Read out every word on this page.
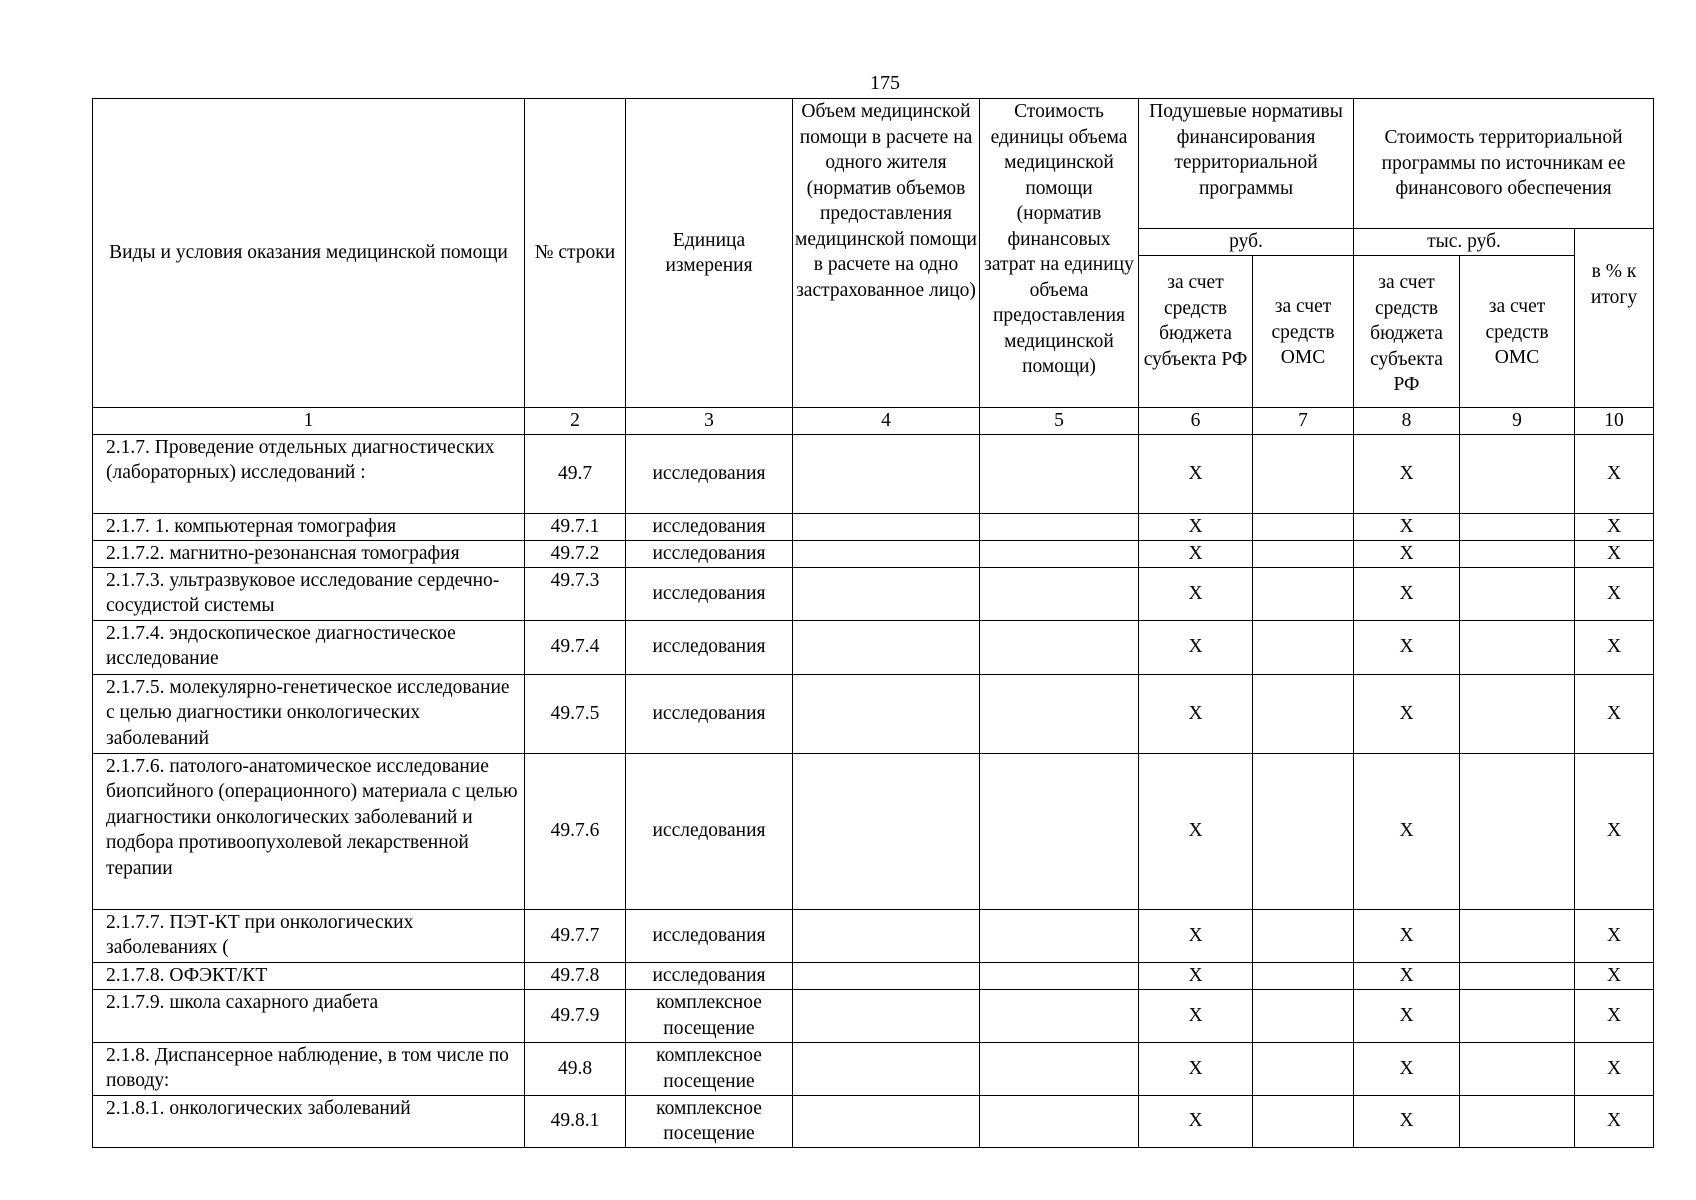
175
Виды и условия оказания медицинской помощи	№ строки	Единица измерения	Объем медицинской помощи в расчете на одного жителя (норматив объемов предоставления медицинской помощи в расчете на одно застрахованное лицо)	Стоимость единицы объема медицинской помощи (норматив финансовых затрат на единицу объема предоставления медицинской помощи)	Подушевые нормативы финансирования территориальной программы		Стоимость территориальной программы по источникам ее финансового обеспечения		
					руб.		тыс. руб.		в % к итогу
					за счет средств бюджета субъекта РФ	за счет средств ОМС	за счет средств бюджета субъекта РФ	за счет средств ОМС	
1	2	3	4	5	6	7	8	9	10
2.1.7. Проведение отдельных диагностических (лабораторных) исследований :	49.7	исследования			X		X		X
2.1.7. 1. компьютерная томография	49.7.1	исследования			X		X		X
2.1.7.2. магнитно-резонансная томография	49.7.2	исследования			X		X		X
2.1.7.3. ультразвуковое исследование сердечно-сосудистой системы	49.7.3	исследования			X		X		X
2.1.7.4. эндоскопическое диагностическое исследование	49.7.4	исследования			X		X		X
2.1.7.5. молекулярно-генетическое исследование с целью диагностики онкологических заболеваний	49.7.5	исследования			X		X		X
2.1.7.6. патолого-анатомическое исследование биопсийного (операционного) материала с целью диагностики онкологических заболеваний и подбора противоопухолевой лекарственной терапии	49.7.6	исследования			X		X		X
2.1.7.7. ПЭТ-КТ при онкологических заболеваниях (	49.7.7	исследования			X		X		X
2.1.7.8. ОФЭКТ/КТ	49.7.8	исследования			X		X		X
2.1.7.9. школа сахарного диабета	49.7.9	комплексное посещение			X		X		X
2.1.8. Диспансерное наблюдение, в том числе по поводу:	49.8	комплексное посещение			X		X		X
2.1.8.1. онкологических заболеваний	49.8.1	комплексное посещение			X		X		X
